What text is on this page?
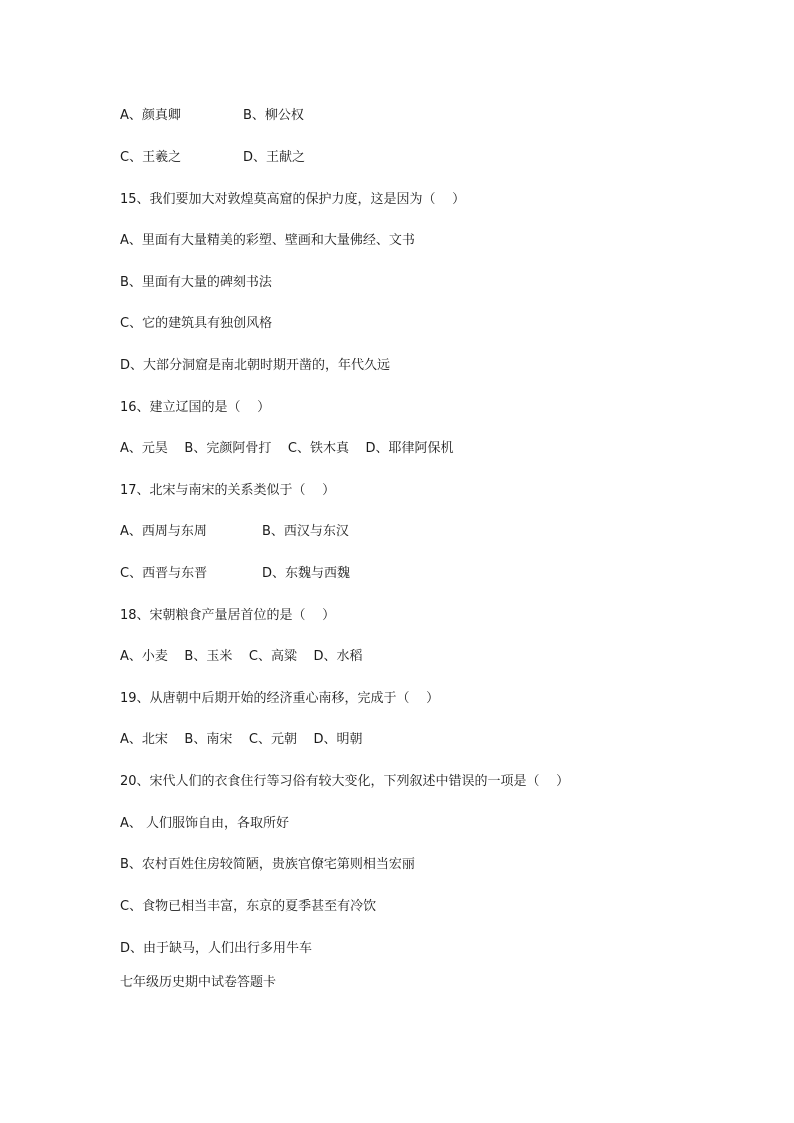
A、颜真卿	B、柳公权
C、王羲之	D、王献之
15、我们要加大对敦煌莫高窟的保护力度，这是因为（    ）
A、里面有大量精美的彩塑、壁画和大量佛经、文书
B、里面有大量的碑刻书法
C、它的建筑具有独创风格
D、大部分洞窟是南北朝时期开凿的，年代久远
16、建立辽国的是（    ）
A、元昊    B、完颜阿骨打    C、铁木真    D、耶律阿保机
17、北宋与南宋的关系类似于（    ）
A、西周与东周	B、西汉与东汉
C、西晋与东晋	D、东魏与西魏
18、宋朝粮食产量居首位的是（    ）
A、小麦    B、玉米    C、高粱    D、水稻
19、从唐朝中后期开始的经济重心南移，完成于（    ）
A、北宋    B、南宋    C、元朝    D、明朝
20、宋代人们的衣食住行等习俗有较大变化，下列叙述中错误的一项是（    ）
A、 人们服饰自由，各取所好
B、农村百姓住房较简陋，贵族官僚宅第则相当宏丽
C、食物已相当丰富，东京的夏季甚至有冷饮
D、由于缺马，人们出行多用牛车
七年级历史期中试卷答题卡
